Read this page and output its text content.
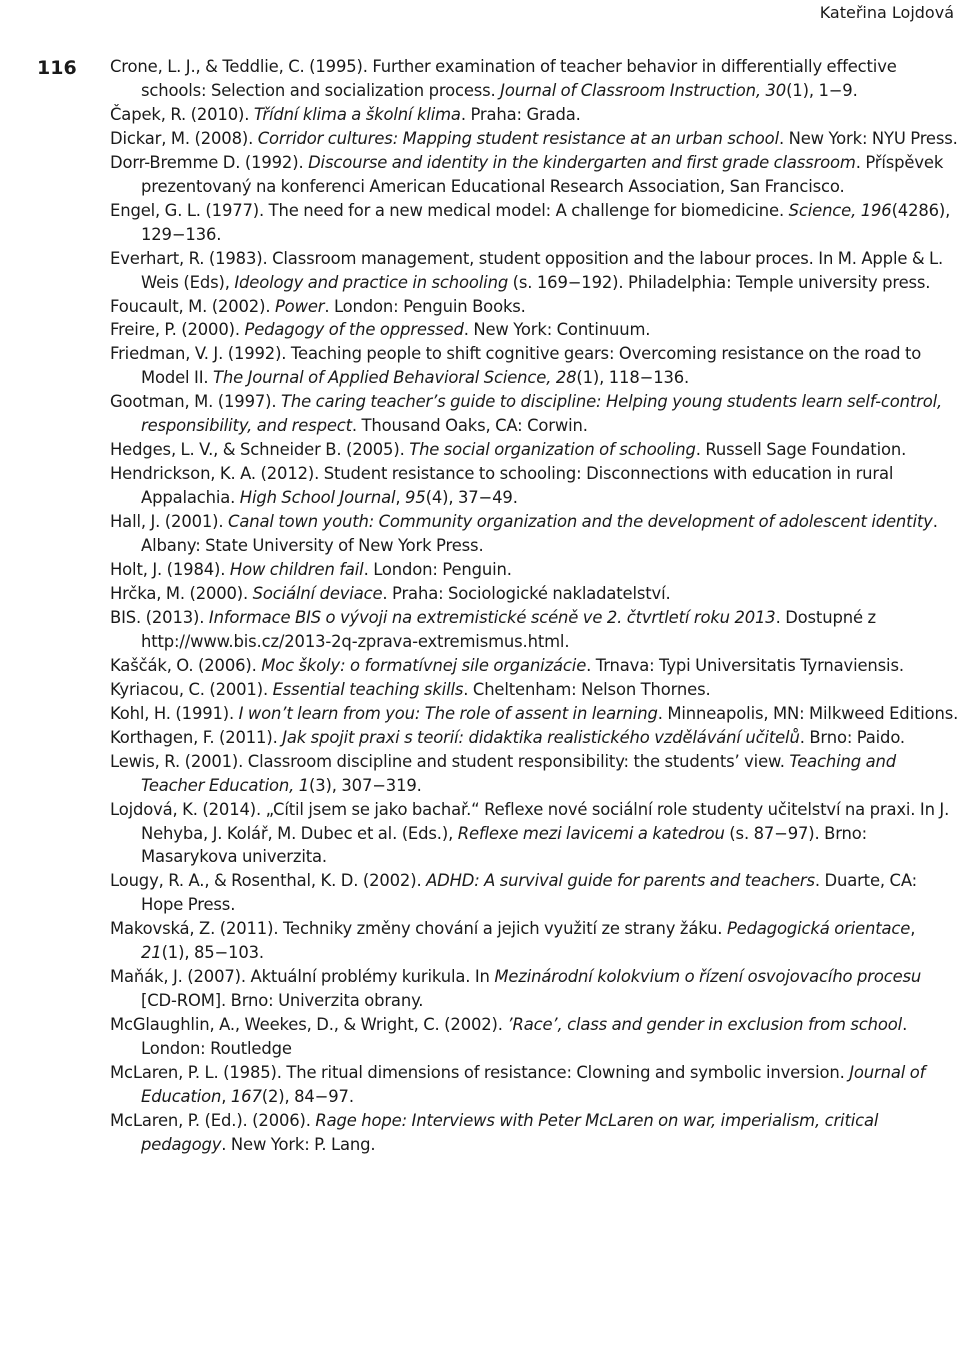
Kateřina Lojdová
116 Crone, L. J., & Teddlie, C. (1995). Further examination of teacher behavior in differentially effective schools: Selection and socialization process. Journal of Classroom Instruction, 30(1), 1−9.

Čapek, R. (2010). Třídní klima a školní klima. Praha: Grada.

Dickar, M. (2008). Corridor cultures: Mapping student resistance at an urban school. New York: NYU Press.

Dorr-Bremme D. (1992). Discourse and identity in the kindergarten and first grade classroom. Příspěvek prezentovaný na konferenci American Educational Research Association, San Francisco.

Engel, G. L. (1977). The need for a new medical model: A challenge for biomedicine. Science, 196(4286), 129−136.

Everhart, R. (1983). Classroom management, student opposition and the labour proces. In M. Apple & L. Weis (Eds), Ideology and practice in schooling (s. 169−192). Philadelphia: Temple university press.

Foucault, M. (2002). Power. London: Penguin Books.

Freire, P. (2000). Pedagogy of the oppressed. New York: Continuum.

Friedman, V. J. (1992). Teaching people to shift cognitive gears: Overcoming resistance on the road to Model II. The Journal of Applied Behavioral Science, 28(1), 118−136.

Gootman, M. (1997). The caring teacher’s guide to discipline: Helping young students learn self-control, responsibility, and respect. Thousand Oaks, CA: Corwin.

Hedges, L. V., & Schneider B. (2005). The social organization of schooling. Russell Sage Foundation.

Hendrickson, K. A. (2012). Student resistance to schooling: Disconnections with education in rural Appalachia. High School Journal, 95(4), 37−49.

Hall, J. (2001). Canal town youth: Community organization and the development of adolescent identity. Albany: State University of New York Press.

Holt, J. (1984). How children fail. London: Penguin.

Hrčka, M. (2000). Sociální deviace. Praha: Sociologické nakladatelství.

BIS. (2013). Informace BIS o vývoji na extremistické scéně ve 2. čtvrtletí roku 2013. Dostupné z http://www.bis.cz/2013-2q-zprava-extremismus.html.

Kaščák, O. (2006). Moc školy: o formatívnej sile organizácie. Trnava: Typi Universitatis Tyrnaviensis.

Kyriacou, C. (2001). Essential teaching skills. Cheltenham: Nelson Thornes.

Kohl, H. (1991). I won’t learn from you: The role of assent in learning. Minneapolis, MN: Milkweed Editions.

Korthagen, F. (2011). Jak spojit praxi s teorií: didaktika realistického vzdělávání učitelů. Brno: Paido.

Lewis, R. (2001). Classroom discipline and student responsibility: the students’ view. Teaching and Teacher Education, 1(3), 307−319.

Lojdová, K. (2014). „Cítil jsem se jako bachař.“ Reflexe nové sociální role studenty učitelství na praxi. In J. Nehyba, J. Kolář, M. Dubec et al. (Eds.), Reflexe mezi lavicemi a katedrou (s. 87−97). Brno: Masarykova univerzita.

Lougy, R. A., & Rosenthal, K. D. (2002). ADHD: A survival guide for parents and teachers. Duarte, CA: Hope Press.

Makovská, Z. (2011). Techniky změny chování a jejich využití ze strany žáku. Pedagogická orientace, 21(1), 85−103.

Maňák, J. (2007). Aktuální problémy kurikula. In Mezinárodní kolokvium o řízení osvojovacího procesu [CD-ROM]. Brno: Univerzita obrany.

McGlaughlin, A., Weekes, D., & Wright, C. (2002). ’Race’, class and gender in exclusion from school. London: Routledge

McLaren, P. L. (1985). The ritual dimensions of resistance: Clowning and symbolic inversion. Journal of Education, 167(2), 84−97.

McLaren, P. (Ed.). (2006). Rage hope: Interviews with Peter McLaren on war, imperialism, critical pedagogy. New York: P. Lang.
